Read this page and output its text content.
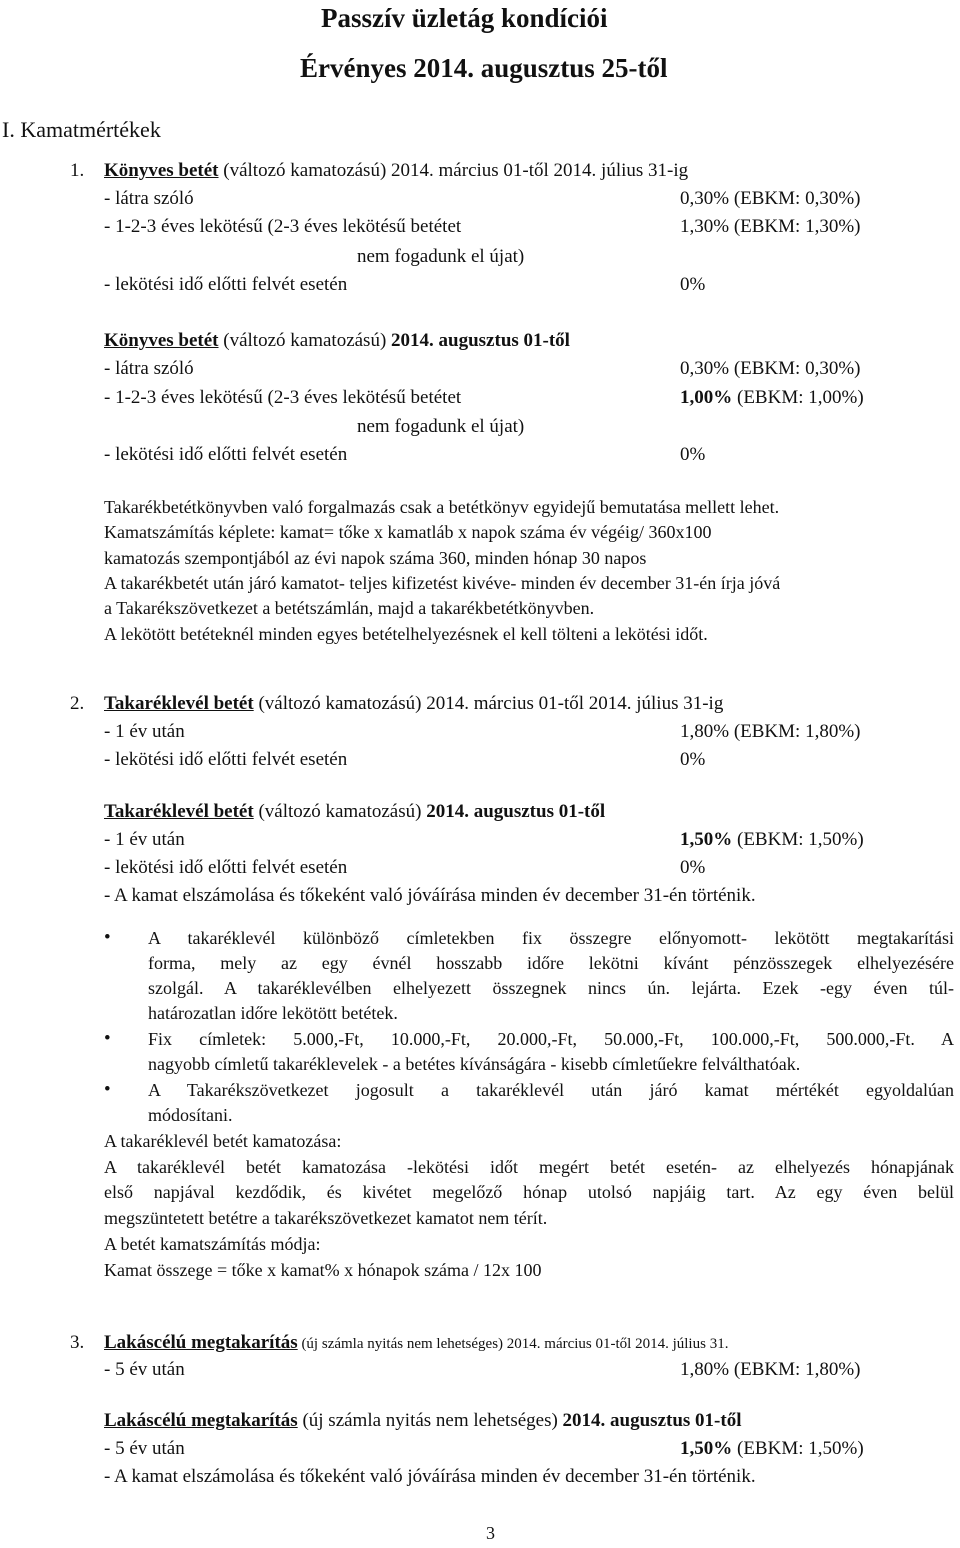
Passzív üzletág kondíciói
Érvényes 2014. augusztus 25-től
I. Kamatmértékek
1. Könyves betét (változó kamatozású) 2014. március 01-től 2014. július 31-ig
- látra szóló	0,30% (EBKM: 0,30%)
- 1-2-3 éves lekötésű (2-3 éves lekötésű betétet	1,30% (EBKM: 1,30%)
nem fogadunk el újat)
- lekötési idő előtti felvét esetén	0%
Könyves betét (változó kamatozású) 2014. augusztus 01-től
- látra szóló	0,30% (EBKM: 0,30%)
- 1-2-3 éves lekötésű (2-3 éves lekötésű betétet	1,00% (EBKM: 1,00%)
nem fogadunk el újat)
- lekötési idő előtti felvét esetén	0%
Takarékbetétkönyvben való forgalmazás csak a betétkönyv egyidejű bemutatása mellett lehet.
Kamatszámítás képlete: kamat= tőke x kamatláb x napok száma év végéig/ 360x100
kamatozás szempontjából az évi napok száma 360, minden hónap 30 napos
A takarékbetét után járó kamatot- teljes kifizetést kivéve- minden év december 31-én írja jóvá
a Takarékszövetkezet a betétszámlán, majd a takarékbetétkönyvben.
A lekötött betéteknél minden egyes betételhelyezésnek el kell tölteni a lekötési időt.
2. Takaréklevél betét (változó kamatozású) 2014. március 01-től 2014. július 31-ig
- 1 év után	1,80% (EBKM: 1,80%)
- lekötési idő előtti felvét esetén	0%
Takaréklevél betét (változó kamatozású) 2014. augusztus 01-től
- 1 év után	1,50% (EBKM: 1,50%)
- lekötési idő előtti felvét esetén	0%
- A kamat elszámolása és tőkeként való jóváírása minden év december 31-én történik.
• A takaréklevél különböző címletekben fix összegre előnyomott- lekötött megtakarítási
forma, mely az egy évnél hosszabb időre lekötni kívánt pénzösszegek elhelyezésére
szolgál. A takaréklevélben elhelyezett összegnek nincs ún. lejárta. Ezek -egy éven túl-
határozatlan időre lekötött betétek.
• Fix címletek: 5.000,-Ft, 10.000,-Ft, 20.000,-Ft, 50.000,-Ft, 100.000,-Ft, 500.000,-Ft. A
nagyobb címletű takaréklevelek - a betétes kívánságára - kisebb címletűekre felválthatóak.
• A Takarékszövetkezet jogosult a takaréklevél után járó kamat mértékét egyoldalúan
módosítani.
A takaréklevél betét kamatozása:
A takaréklevél betét kamatozása -lekötési időt megért betét esetén- az elhelyezés hónapjának
első napjával kezdődik, és kivétet megelőző hónap utolsó napjáig tart. Az egy éven belül
megszüntetett betétre a takarékszövetkezet kamatot nem térít.
A betét kamatszámítás módja:
Kamat összege = tőke x kamat% x hónapok száma / 12x 100
3. Lakáscélú megtakarítás (új számla nyitás nem lehetséges) 2014. március 01-től 2014. július 31.
- 5 év után	1,80% (EBKM: 1,80%)
Lakáscélú megtakarítás (új számla nyitás nem lehetséges) 2014. augusztus 01-től
- 5 év után	1,50% (EBKM: 1,50%)
- A kamat elszámolása és tőkeként való jóváírása minden év december 31-én történik.
3
